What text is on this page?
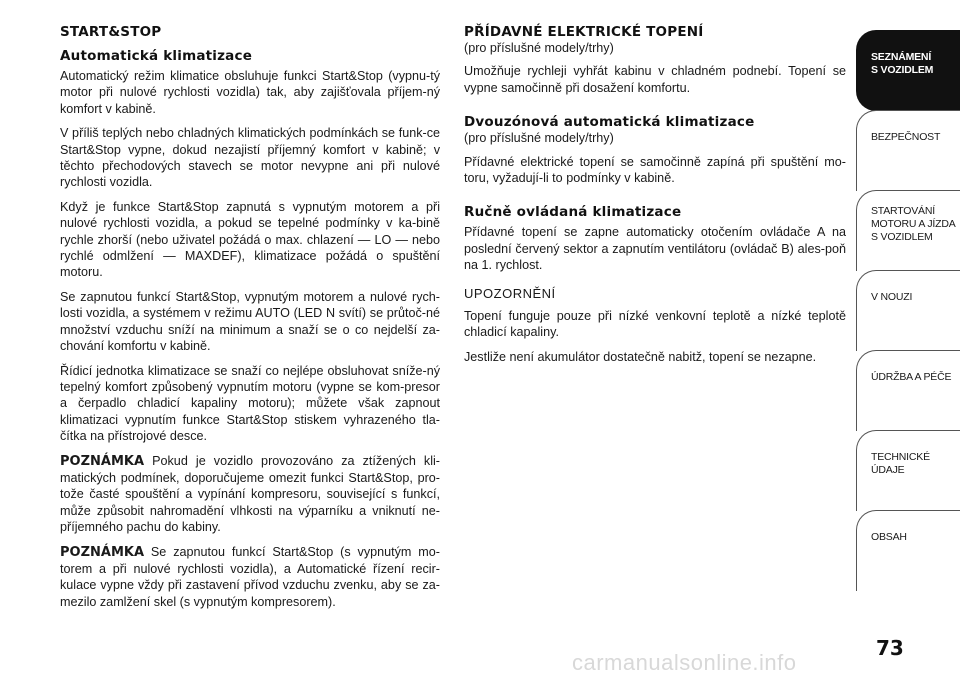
START&STOP
Automatická klimatizace

Automatický režim klimatice obsluhuje funkci Start&Stop (vypnu-tý motor při nulové rychlosti vozidla) tak, aby zajišťovala příjem-ný komfort v kabině.

V příliš teplých nebo chladných klimatických podmínkách se funk-ce Start&Stop vypne, dokud nezajistí příjemný komfort v kabině; v těchto přechodových stavech se motor nevypne ani při nulové rychlosti vozidla.

Když je funkce Start&Stop zapnutá s vypnutým motorem a při nulové rychlosti vozidla, a pokud se tepelné podmínky v ka-bině rychle zhorší (nebo uživatel požádá o max. chlazení — LO — nebo rychlé odmlžení — MAXDEF), klimatizace požádá o spuštění motoru.

Se zapnutou funkcí Start&Stop, vypnutým motorem a nulové rych-losti vozidla, a systémem v režimu AUTO (LED N svítí) se průtoč-né množství vzduchu sníží na minimum a snaží se o co nejdelší za-chování komfortu v kabině.

Řídicí jednotka klimatizace se snaží co nejlépe obsluhovat sníže-ný tepelný komfort způsobený vypnutím motoru (vypne se kom-presor a čerpadlo chladicí kapaliny motoru); můžete však zapnout klimatizaci vypnutím funkce Start&Stop stiskem vyhrazeného tla-čítka na přístrojové desce.

POZNÁMKA Pokud je vozidlo provozováno za ztížených kli-matických podmínek, doporučujeme omezit funkci Start&Stop, pro-tože časté spouštění a vypínání kompresoru, související s funkcí, může způsobit nahromadění vlhkosti na výparníku a vniknutí ne-příjemného pachu do kabiny.

POZNÁMKA Se zapnutou funkcí Start&Stop (s vypnutým mo-torem a při nulové rychlosti vozidla), a Automatické řízení recir-kulace vypne vždy při zastavení přívod vzduchu zvenku, aby se za-mezilo zamlžení skel (s vypnutým kompresorem).

PŘÍDAVNÉ ELEKTRICKÉ TOPENÍ

(pro příslušné modely/trhy)

Umožňuje rychleji vyhřát kabinu v chladném podnebí. Topení se vypne samočinně při dosažení komfortu.

Dvouzónová automatická klimatizace

(pro příslušné modely/trhy)

Přídavné elektrické topení se samočinně zapíná při spuštění mo-toru, vyžadují-li to podmínky v kabině.

Ručně ovládaná klimatizace

Přídavné topení se zapne automaticky otočením ovládače A na poslední červený sektor a zapnutím ventilátoru (ovládač B) ales-poň na 1. rychlost.

UPOZORNĚNÍ

Topení funguje pouze při nízké venkovní teplotě a nízké teplotě chladicí kapaliny.

Jestliže není akumulátor dostatečně nabitž, topení se nezapne.

SEZNÁMENÍ
S VOZIDLEM
BEZPEČNOST
STARTOVÁNÍ
MOTORU A JÍZDA
S VOZIDLEM
V NOUZI
ÚDRŽBA A PÉČE
TECHNICKÉ
ÚDAJE
OBSAH
73
carmanualsonline.info
